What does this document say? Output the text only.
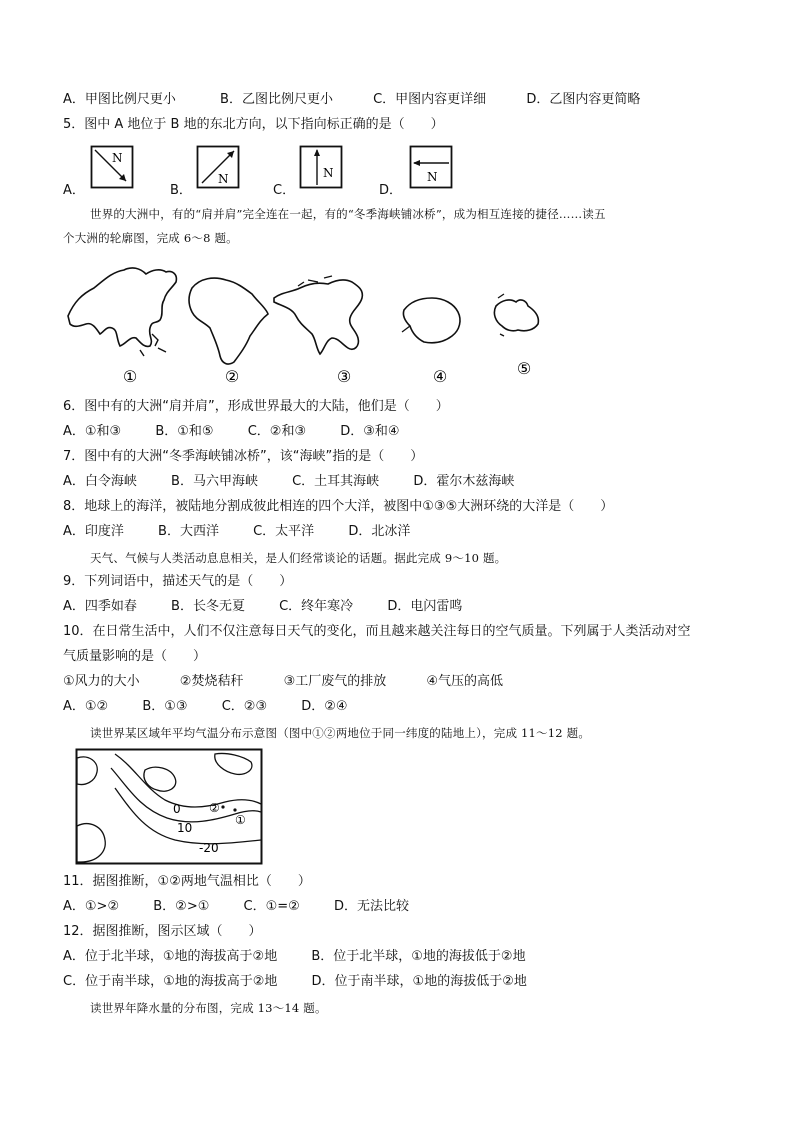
A．甲图比例尺更小	B．乙图比例尺更小	C．甲图内容更详细	D．乙图内容更简略
5．图中 A 地位于 B 地的东北方向，以下指向标正确的是（　　）
A．
N
B．
N
C．
N
D．
N
世界的大洲中，有的“肩并肩”完全连在一起，有的“冬季海峡铺冰桥”，成为相互连接的捷径……读五
个大洲的轮廓图，完成 6～8 题。
①	②	③	④	⑤
6．图中有的大洲“肩并肩”，形成世界最大的大陆，他们是（　　）
A．①和③	B．①和⑤	C．②和③	D．③和④
7．图中有的大洲“冬季海峡铺冰桥”，该“海峡”指的是（　　）
A．白令海峡	B．马六甲海峡	C．土耳其海峡	D．霍尔木兹海峡
8．地球上的海洋，被陆地分割成彼此相连的四个大洋，被图中①③⑤大洲环绕的大洋是（　　）
A．印度洋	B．大西洋	C．太平洋	D．北冰洋
天气、气候与人类活动息息相关，是人们经常谈论的话题。据此完成 9～10 题。
9．下列词语中，描述天气的是（　　）
A．四季如春	B．长冬无夏	C．终年寒冷	D．电闪雷鸣
10．在日常生活中，人们不仅注意每日天气的变化，而且越来越关注每日的空气质量。下列属于人类活动对空
气质量影响的是（　　）
①风力的大小	②焚烧秸秆	③工厂废气的排放	④气压的高低
A．①②	B．①③	C．②③	D．②④
读世界某区域年平均气温分布示意图（图中①②两地位于同一纬度的陆地上），完成 11～12 题。
0
10
-20
②
①
11．据图推断，①②两地气温相比（　　）
A．①>②	B．②>①	C．①=②	D．无法比较
12．据图推断，图示区域（　　）
A．位于北半球，①地的海拔高于②地	B．位于北半球，①地的海拔低于②地
C．位于南半球，①地的海拔高于②地	D．位于南半球，①地的海拔低于②地
读世界年降水量的分布图，完成 13～14 题。
